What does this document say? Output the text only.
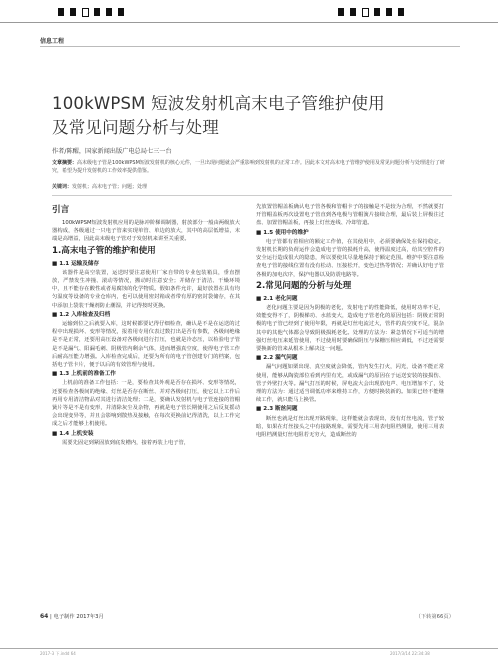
信息工程
100kWPSM 短波发射机高末电子管维护使用
及常见问题分析与处理
作者/陈醒，国家新闻出版广电总局七三一台
文章摘要：高末级电子管是100kWPSM短波发射机的核心元件，一旦出现问题就会严重影响到发射机的正常工作。因此本文对高末电子管维护使用及常见问题分析与处理进行了研究，希望为提升发射机的工作效率提供借鉴。
关键词：发射机；高末电子管；问题；处理
引言

100kWPSM短波发射机应用的是脉冲阶梯调制器，射放部分一般由两级放大器构成，各级通过一只电子管来实现单管、单边的放大，其中的高层低增益，末端是高增益，因此高末级电子管对于发射机来讲至关重要。

1.高末电子管的维护和使用
■ 1.1 运输及储存

该器件是高空装置，运送时要注意使用厂家自带的专业包装箱具，垂直摆放，严禁发生冲撞、滚动等情况，搬动时注意安全；并储存于清洁、干燥环境中，且不能存在酸性或者易腐蚀的化学物质。假如条件允许，最好放置在具有均匀温度等设备的专业仓库内，也可以使用密封箱或者带有厚的密封袋储存，在其中添加上袋装干燥剂防止潮湿，并记得按时更换。

■ 1.2 入库检查及归档

运输到位之后就要入库，这时候都要记得仔细检查，确认是不是在运送的过程中出现损坏、变形等情况，报着用专用仪表过数打出是否有参数，各级间绝缘是不是正常，还要用高压设备对各极间进行打压，也就是冷态压，以检验电子管是不是漏气、阳漏毛刺、阴极管内剩余气体，进而增强真空度，使得电子管工作后耐高压能力增强。入库检查完成后，还要为所有的电子管创建专门的档案，包括电子管卡片，便于以后的有效管理与使用。

■ 1.3 上机前的准备工作

上机前的准备工作包括：一是，要检查其外观是否存在损坏、变形等情况，还要检查各极间的绝缘、灯丝是否存在断丝、并对各极间打压，使它以上工作后再用专用清洁物品对其进行清洁处理；二是，要确认发射机与电子管连接的管帽簧片等是不是有变形，并清除灰尘及杂物，再就是电子管长期使用之后反复摇动会出现变异等，并且会影响到散热及接触，在每次更换前记得清洗，以上工作完成之后才能够上机使用。

■ 1.4 上机安装

需要先固定到紧固放到底发槽内，接着再装上电子管，

先放置管帽盖板确认电子管各极和管帽卡子的接触是不是较为合理，不然就要打开管帽盖板再次设置电子管直到各电极与管帽簧片接续合理，最后装上屏极注过盘、加置管帽盖板，再接上灯丝连线、冷却管道。

■ 1.5 使用中的维护

电子管都有着相应的额定工作值，在其使用中，必须要确保处在保持稳定。发射机长期的负荷运作会造成电子管的损耗升高，使得温度过高，给其空腔件的安全运行造成很大的隐患，所以要使其尽量地保持于额定范围。维护中要注意检查电子管的接线位置有没有松动、压接松开，变色过热等情况；并确认好电子管各极的加电次序，保护电器以及防震电路等。

2.常见问题的分析与处理
■ 2.1 老化问题

老化问题主要是因为阴极的老化，发射电子的性能降低，使用时功率不足，效能变得不了，阴极梯功、水蓝变大，造成电子管老化的原因包括：阴极正常阴极的电子管已经到了使用年限，再就是灯丝电流过大，管件的真空度不足，混杂其中的其他气体都会导致阴极损耗老化。处理的方法为：紧急情况下可适当的增强灯丝电压来延管使用，不过使用时要确保阴压与保栅压相应调低，不过还需要要换新的管来从根本上解决这一问题。

■ 2.2 漏气问题

漏气问题如栗出现、真空度就会降低，管内发生打火，闪光，设备不能正常使用，能够从陶瓷部位看到内里有光，或成漏气的原因在于运送安装的接损伤、管子外壁打火等。漏气打压的时候，屏电流大会出现放电声、电压增加不了，处理的方法为：通过适当调低功率来维持工作，方便时换装新的。如果已经不能继续工作，就只能马上换管。

■ 2.3 断丝问题

断丝也就是灯丝出现开路现象，这样能就会表现出，没有灯丝电流，管子较暗，如果在灯丝接头之中有接路现象，需要先用三用表电阻档测量，使用三用表电阻档测量灯丝电阻若无穷大，造成断丝的

64 | 电子制作 2017年3月	（下转第66页）
2017-3 下.indd 64	2017/3/14 22:34:38
